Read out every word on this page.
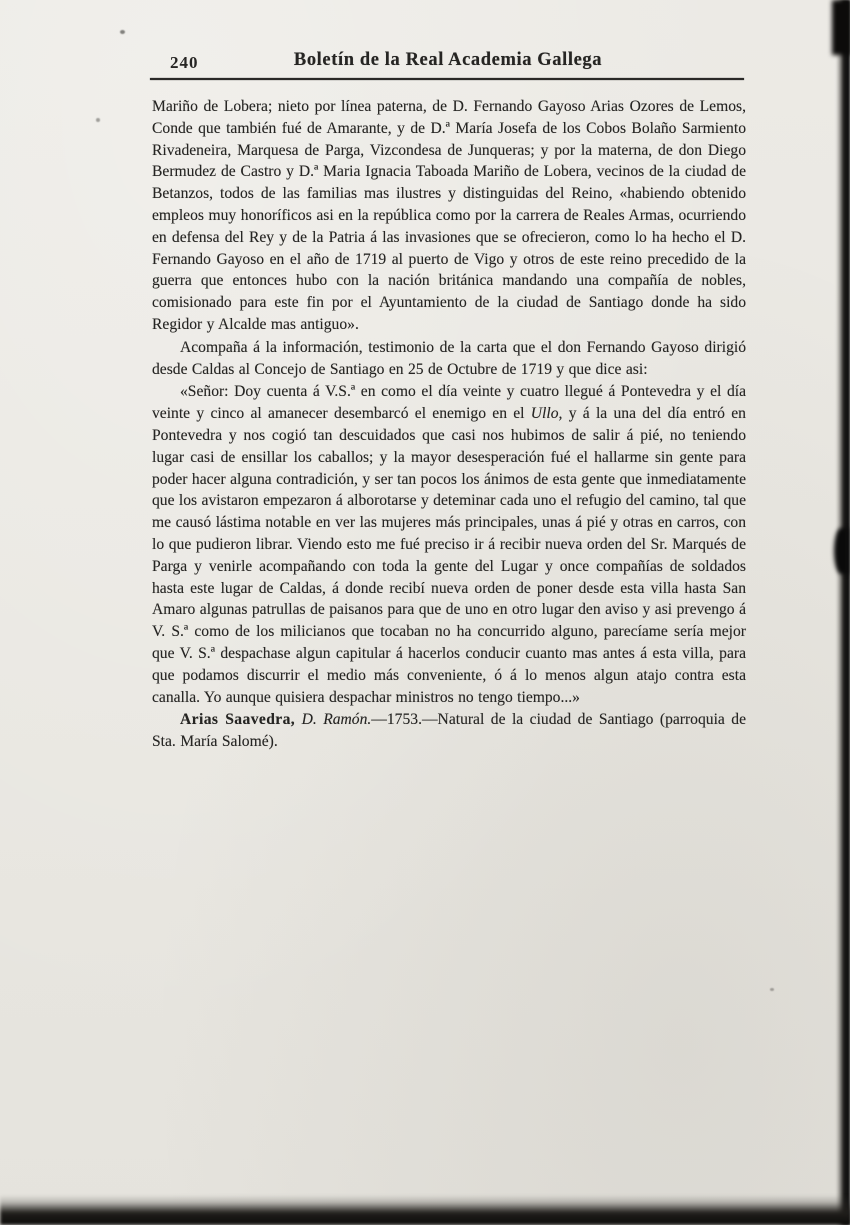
240	Boletín de la Real Academia Gallega

Mariño de Lobera; nieto por línea paterna, de D. Fernando Gayoso Arias Ozores de Lemos, Conde que también fué de Amarante, y de D.ª María Josefa de los Cobos Bolaño Sarmiento Rivadeneira, Marquesa de Parga, Vizcondesa de Junqueras; y por la materna, de don Diego Bermudez de Castro y D.ª Maria Ignacia Taboada Mariño de Lobera, vecinos de la ciudad de Betanzos, todos de las familias mas ilustres y distinguidas del Reino, «habiendo obtenido empleos muy honoríficos asi en la república como por la carrera de Reales Armas, ocurriendo en defensa del Rey y de la Patria á las invasiones que se ofrecieron, como lo ha hecho el D. Fernando Gayoso en el año de 1719 al puerto de Vigo y otros de este reino precedido de la guerra que entonces hubo con la nación británica mandando una compañía de nobles, comisionado para este fin por el Ayuntamiento de la ciudad de Santiago donde ha sido Regidor y Alcalde mas antiguo».

Acompaña á la información, testimonio de la carta que el don Fernando Gayoso dirigió desde Caldas al Concejo de Santiago en 25 de Octubre de 1719 y que dice asi:

«Señor: Doy cuenta á V.S.ª en como el día veinte y cuatro llegué á Pontevedra y el día veinte y cinco al amanecer desembarcó el enemigo en el Ullo, y á la una del día entró en Pontevedra y nos cogió tan descuidados que casi nos hubimos de salir á pié, no teniendo lugar casi de ensillar los caballos; y la mayor desesperación fué el hallarme sin gente para poder hacer alguna contradición, y ser tan pocos los ánimos de esta gente que inmediatamente que los avistaron empezaron á alborotarse y deteminar cada uno el refugio del camino, tal que me causó lástima notable en ver las mujeres más principales, unas á pié y otras en carros, con lo que pudieron librar. Viendo esto me fué preciso ir á recibir nueva orden del Sr. Marqués de Parga y venirle acompañando con toda la gente del Lugar y once compañías de soldados hasta este lugar de Caldas, á donde recibí nueva orden de poner desde esta villa hasta San Amaro algunas patrullas de paisanos para que de uno en otro lugar den aviso y asi prevengo á V. S.ª como de los milicianos que tocaban no ha concurrido alguno, parecíame sería mejor que V. S.ª despachase algun capitular á hacerlos conducir cuanto mas antes á esta villa, para que podamos discurrir el medio más conveniente, ó á lo menos algun atajo contra esta canalla. Yo aunque quisiera despachar ministros no tengo tiempo...»

Arias Saavedra, D. Ramón.—1753.—Natural de la ciudad de Santiago (parroquia de Sta. María Salomé).
